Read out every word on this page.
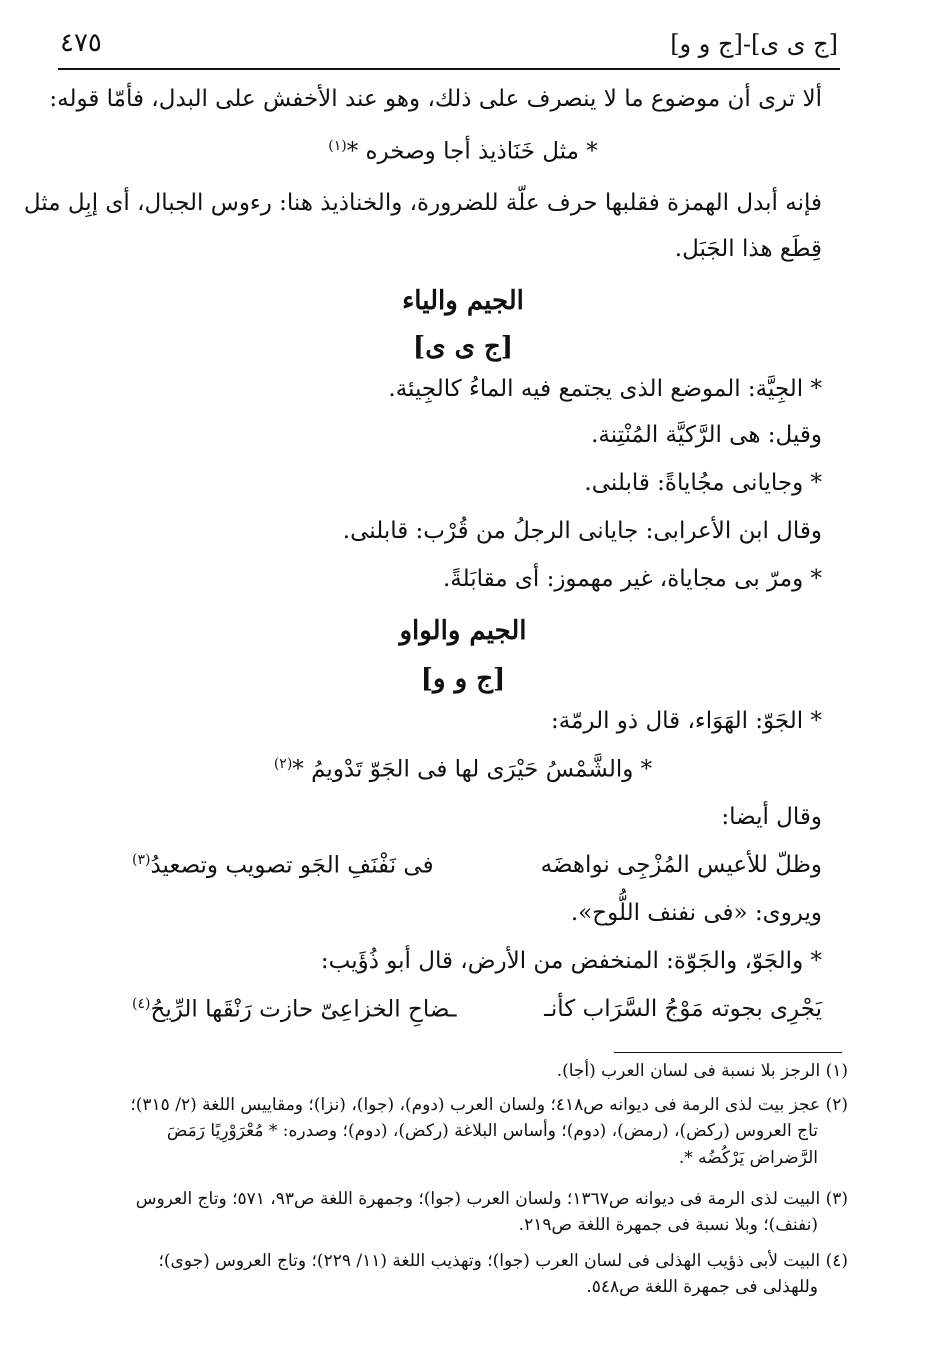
٤٧٥	[ج ى ى]-[ج و و]
ألا ترى أن موضوع ما لا ينصرف على ذلك، وهو عند الأخفش على البدل، فأمّا قوله:
* مثل خَنَاذيذ أجا وصخره *$^{(١)}$
فإنه أبدل الهمزة فقلبها حرف علّة للضرورة، والخناذيذ هنا: رءوس الجبال، أى إبِل مثل
قِطَع هذا الجَبَل.
الجيم والياء
[ج ى ى]
* الجِيَّة: الموضع الذى يجتمع فيه الماءُ كالجِيئة.
وقيل: هى الرَّكيَّة المُنْتِنة.
* وجايانى مجُاياةً: قابلنى.
وقال ابن الأعرابى: جايانى الرجلُ من قُرْب: قابلنى.
* ومرّ بى مجاياة، غير مهموز: أى مقابَلةً.
الجيم والواو
[ج و و]
* الجَوّ: الهَوَاء، قال ذو الرمّة:
* والشَّمْسُ حَيْرَى لها فى الجَوّ تَدْويمُ *$^{(٢)}$
وقال أيضا:
وظلّ للأعيس المُزْجِى نواهضَه
فى نَفْنَفِ الجَو تصويب وتصعيدُ$^{(٣)}$
ويروى: «فى نفنف اللُّوح».
* والجَوّ، والجَوّة: المنخفض من الأرض، قال أبو ذُؤَيب:
يَجْرِى بجوته مَوْجُ السَّرَاب كأنـ
ـضاحِ الخزاعِىّ حازت رَنْقَها الرِّيحُ$^{(٤)}$
(١) الرجز بلا نسبة فى لسان العرب (أجا).
(٢) عجز بيت لذى الرمة فى ديوانه ص٤١٨؛ ولسان العرب (دوم)، (جوا)، (نزا)؛ ومقاييس اللغة (٢/ ٣١٥)؛
تاج العروس (ركض)، (رمض)، (دوم)؛ وأساس البلاغة (ركض)، (دوم)؛ وصدره: * مُعْرَوْرِيًا رَمَضَ
الرَّضراض يَرْكُضُه *.
(٣) البيت لذى الرمة فى ديوانه ص١٣٦٧؛ ولسان العرب (جوا)؛ وجمهرة اللغة ص٩٣، ٥٧١؛ وتاج العروس
(نفنف)؛ وبلا نسبة فى جمهرة اللغة ص٢١٩.
(٤) البيت لأبى ذؤيب الهذلى فى لسان العرب (جوا)؛ وتهذيب اللغة (١١/ ٢٢٩)؛ وتاج العروس (جوى)؛
وللهذلى فى جمهرة اللغة ص٥٤٨.
